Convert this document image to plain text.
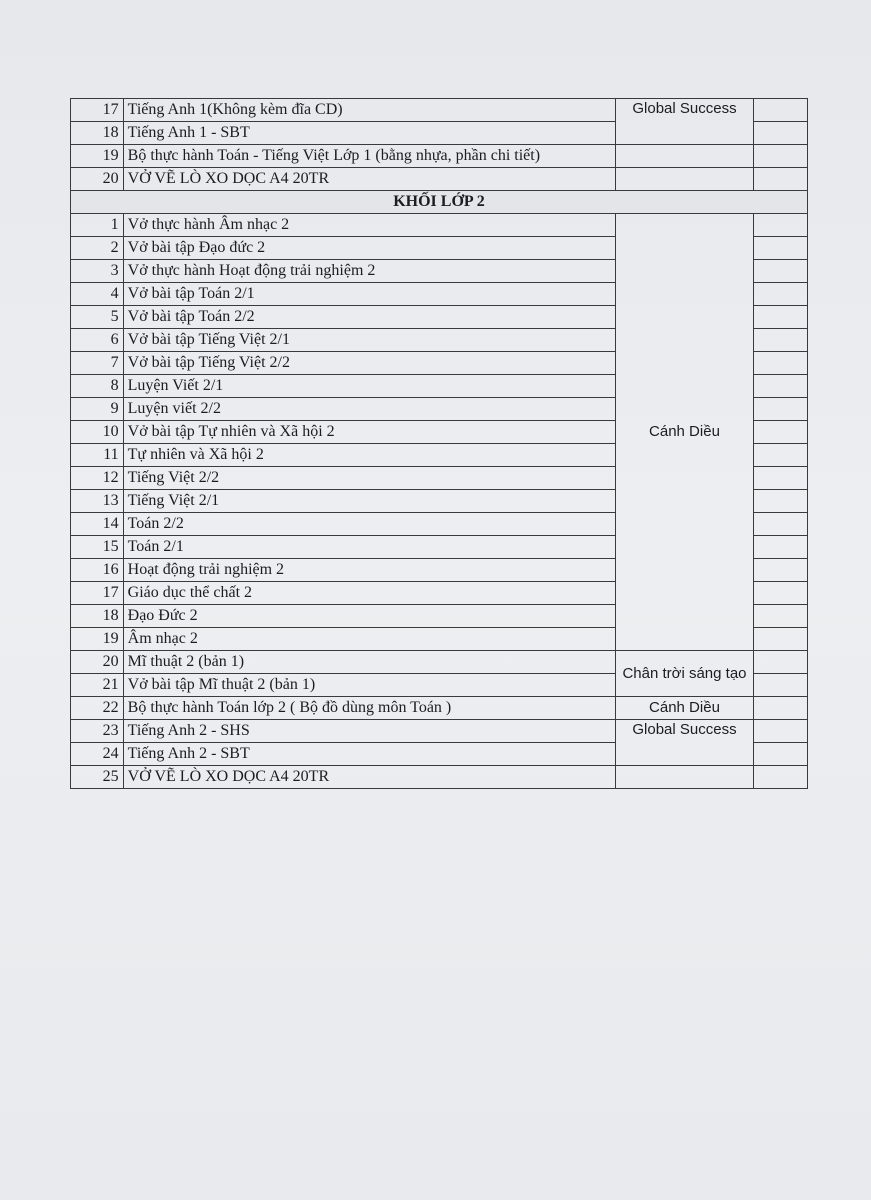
17	Tiếng Anh 1(Không kèm đĩa CD)	Global Success	
18	Tiếng Anh 1 - SBT		
19	Bộ thực hành Toán - Tiếng Việt Lớp 1 (bằng nhựa, phần chi tiết)		
20	VỞ VẼ LÒ XO DỌC A4 20TR		
KHỐI LỚP 2			
1	Vở thực hành Âm nhạc 2	Cánh Diều	
2	Vở bài tập Đạo đức 2		
3	Vở thực hành Hoạt động trải nghiệm 2		
4	Vở bài tập Toán 2/1		
5	Vở bài tập Toán 2/2		
6	Vở bài tập Tiếng Việt 2/1		
7	Vở bài tập Tiếng Việt 2/2		
8	Luyện Viết 2/1		
9	Luyện viết 2/2		
10	Vở bài tập Tự nhiên và Xã hội 2		
11	Tự nhiên và Xã hội 2		
12	Tiếng Việt 2/2		
13	Tiếng Việt 2/1		
14	Toán 2/2		
15	Toán 2/1		
16	Hoạt động trải nghiệm 2		
17	Giáo dục thể chất 2		
18	Đạo Đức 2		
19	Âm nhạc 2		
20	Mĩ thuật 2 (bản 1)	Chân trời sáng tạo	
21	Vở bài tập Mĩ thuật 2 (bản 1)		
22	Bộ thực hành Toán lớp 2 ( Bộ đồ dùng môn Toán )	Cánh Diều	
23	Tiếng Anh 2 - SHS	Global Success	
24	Tiếng Anh 2 - SBT		
25	VỞ VẼ LÒ XO DỌC A4 20TR		
